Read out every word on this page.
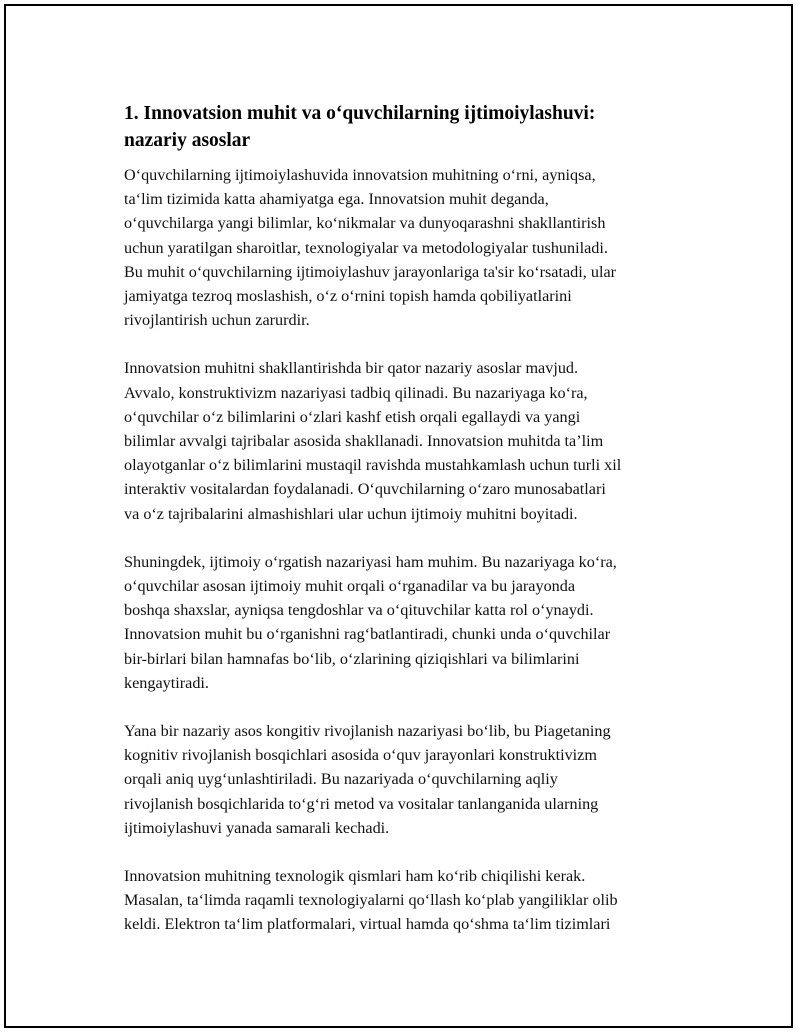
1. Innovatsion muhit va o‘quvchilarning ijtimoiylashuvi:
nazariy asoslar

O‘quvchilarning ijtimoiylashuvida innovatsion muhitning o‘rni, ayniqsa,
ta‘lim tizimida katta ahamiyatga ega. Innovatsion muhit deganda,
o‘quvchilarga yangi bilimlar, ko‘nikmalar va dunyoqarashni shakllantirish
uchun yaratilgan sharoitlar, texnologiyalar va metodologiyalar tushuniladi.
Bu muhit o‘quvchilarning ijtimoiylashuv jarayonlariga ta'sir ko‘rsatadi, ular
jamiyatga tezroq moslashish, o‘z o‘rnini topish hamda qobiliyatlarini
rivojlantirish uchun zarurdir.

Innovatsion muhitni shakllantirishda bir qator nazariy asoslar mavjud.
Avvalo, konstruktivizm nazariyasi tadbiq qilinadi. Bu nazariyaga ko‘ra,
o‘quvchilar o‘z bilimlarini o‘zlari kashf etish orqali egallaydi va yangi
bilimlar avvalgi tajribalar asosida shakllanadi. Innovatsion muhitda ta’lim
olayotganlar o‘z bilimlarini mustaqil ravishda mustahkamlash uchun turli xil
interaktiv vositalardan foydalanadi. O‘quvchilarning o‘zaro munosabatlari
va o‘z tajribalarini almashishlari ular uchun ijtimoiy muhitni boyitadi.

Shuningdek, ijtimoiy o‘rgatish nazariyasi ham muhim. Bu nazariyaga ko‘ra,
o‘quvchilar asosan ijtimoiy muhit orqali o‘rganadilar va bu jarayonda
boshqa shaxslar, ayniqsa tengdoshlar va o‘qituvchilar katta rol o‘ynaydi.
Innovatsion muhit bu o‘rganishni rag‘batlantiradi, chunki unda o‘quvchilar
bir-birlari bilan hamnafas bo‘lib, o‘zlarining qiziqishlari va bilimlarini
kengaytiradi.

Yana bir nazariy asos kongitiv rivojlanish nazariyasi bo‘lib, bu Piagetaning
kognitiv rivojlanish bosqichlari asosida o‘quv jarayonlari konstruktivizm
orqali aniq uyg‘unlashtiriladi. Bu nazariyada o‘quvchilarning aqliy
rivojlanish bosqichlarida to‘g‘ri metod va vositalar tanlanganida ularning
ijtimoiylashuvi yanada samarali kechadi.

Innovatsion muhitning texnologik qismlari ham ko‘rib chiqilishi kerak.
Masalan, ta‘limda raqamli texnologiyalarni qo‘llash ko‘plab yangiliklar olib
keldi. Elektron ta‘lim platformalari, virtual hamda qo‘shma ta‘lim tizimlari
